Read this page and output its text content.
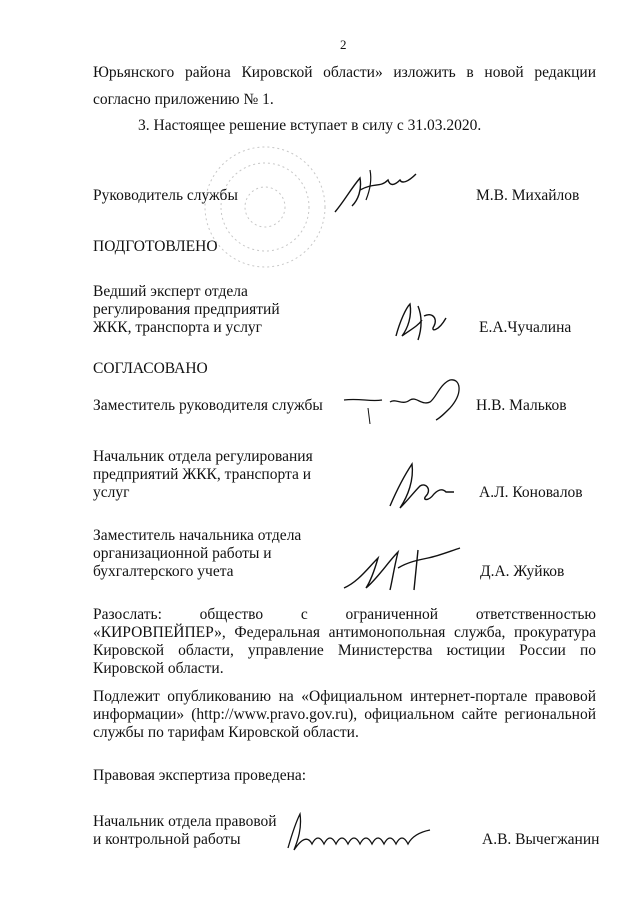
2
Юрьянского района Кировской области» изложить в новой редакции
согласно приложению № 1.
3. Настоящее решение вступает в силу с 31.03.2020.
Руководитель службы	М.В. Михайлов
ПОДГОТОВЛЕНО
Ведший эксперт отдела
регулирования предприятий
ЖКК, транспорта и услуг	Е.А.Чучалина
СОГЛАСОВАНО
Заместитель руководителя службы	Н.В. Мальков
Начальник отдела регулирования
предприятий ЖКК, транспорта и
услуг	А.Л. Коновалов
Заместитель начальника отдела
организационной работы и
бухгалтерского учета	Д.А. Жуйков
Разослать: общество с ограниченной ответственностью «КИРОВПЕЙПЕР», Федеральная антимонопольная служба, прокуратура Кировской области, управление Министерства юстиции России по Кировской области.
Подлежит опубликованию на «Официальном интернет-портале правовой информации» (http://www.pravo.gov.ru), официальном сайте региональной службы по тарифам Кировской области.
Правовая экспертиза проведена:
Начальник отдела правовой
и контрольной работы	А.В. Вычегжанин
